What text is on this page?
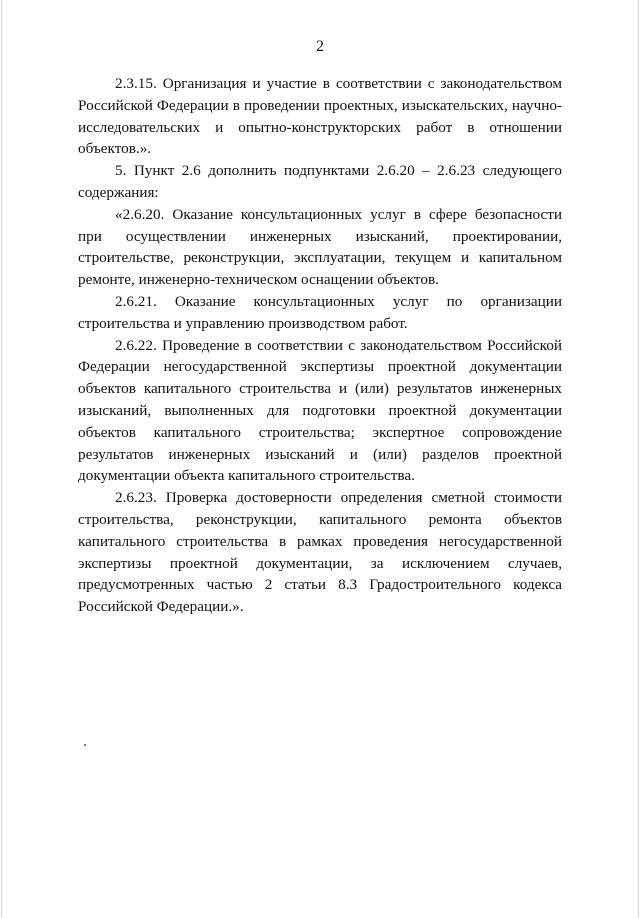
2

2.3.15. Организация и участие в соответствии с законодательством Российской Федерации в проведении проектных, изыскательских, научно-исследовательских и опытно-конструкторских работ в отношении объектов.».

5. Пункт 2.6 дополнить подпунктами 2.6.20 – 2.6.23 следующего содержания:

«2.6.20. Оказание консультационных услуг в сфере безопасности при осуществлении инженерных изысканий, проектировании, строительстве, реконструкции, эксплуатации, текущем и капитальном ремонте, инженерно-техническом оснащении объектов.

2.6.21. Оказание консультационных услуг по организации строительства и управлению производством работ.

2.6.22. Проведение в соответствии с законодательством Российской Федерации негосударственной экспертизы проектной документации объектов капитального строительства и (или) результатов инженерных изысканий, выполненных для подготовки проектной документации объектов капитального строительства; экспертное сопровождение результатов инженерных изысканий и (или) разделов проектной документации объекта капитального строительства.

2.6.23. Проверка достоверности определения сметной стоимости строительства, реконструкции, капитального ремонта объектов капитального строительства в рамках проведения негосударственной экспертизы проектной документации, за исключением случаев, предусмотренных частью 2 статьи 8.3 Градостроительного кодекса Российской Федерации.».
